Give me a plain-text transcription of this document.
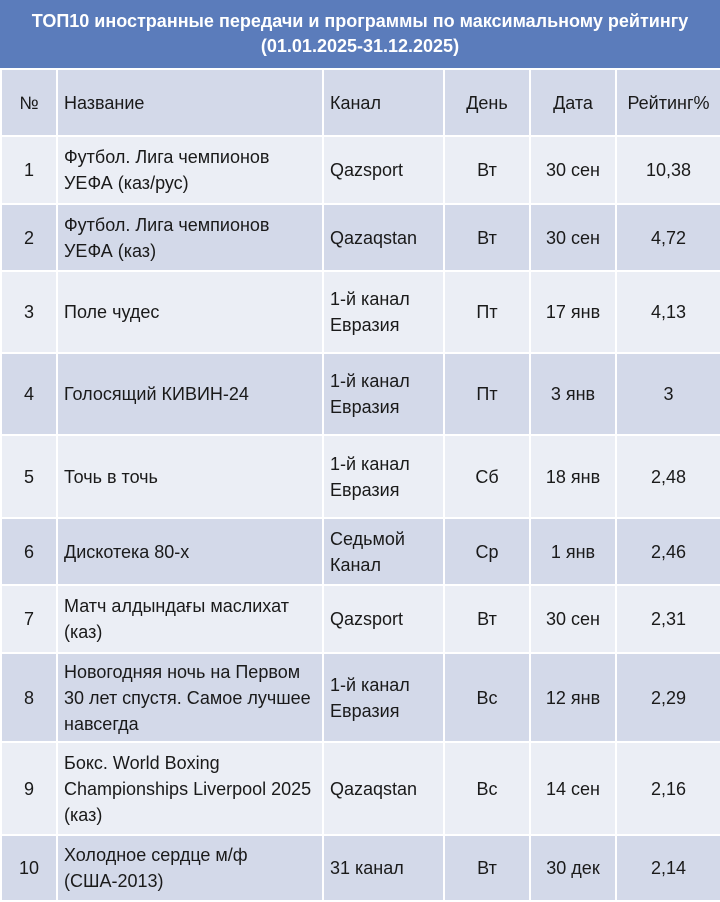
ТОП10 иностранные передачи и программы по максимальному рейтингу (01.01.2025-31.12.2025)
№	Название	Канал	День	Дата	Рейтинг%
1	Футбол. Лига чемпионов УЕФА (каз/рус)	Qazsport	Вт	30 сен	10,38
2	Футбол. Лига чемпионов УЕФА (каз)	Qazaqstan	Вт	30 сен	4,72
3	Поле чудес	1-й канал Евразия	Пт	17 янв	4,13
4	Голосящий КИВИН-24	1-й канал Евразия	Пт	3 янв	3
5	Точь в точь	1-й канал Евразия	Сб	18 янв	2,48
6	Дискотека 80-х	Седьмой Канал	Ср	1 янв	2,46
7	Матч алдындағы маслихат (каз)	Qazsport	Вт	30 сен	2,31
8	Новогодняя ночь на Первом 30 лет спустя. Самое лучшее навсегда	1-й канал Евразия	Вс	12 янв	2,29
9	Бокс. World Boxing Championships Liverpool 2025 (каз)	Qazaqstan	Вс	14 сен	2,16
10	Холодное сердце м/ф (США-2013)	31 канал	Вт	30 дек	2,14
